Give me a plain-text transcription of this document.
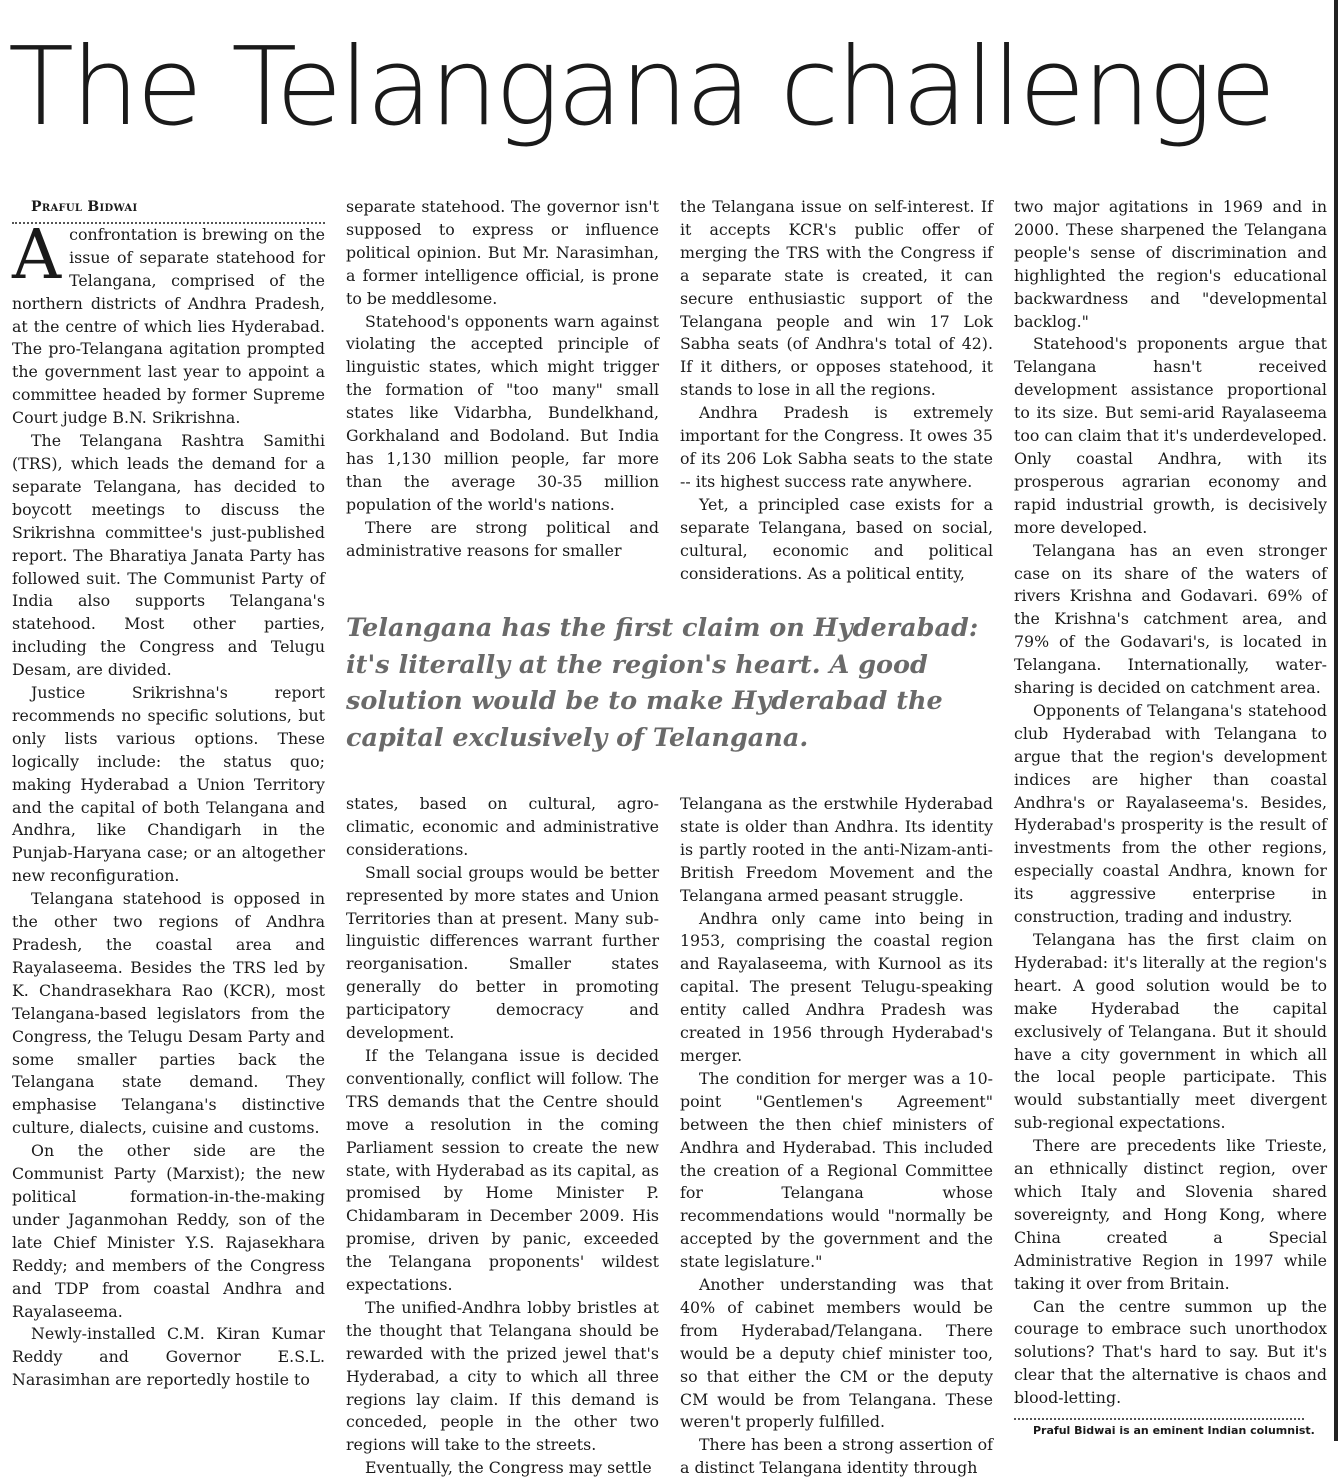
The Telangana challenge

Praful Bidwai

Aconfrontation is brewing on the issue of separate statehood for Telangana, comprised of the northern districts of Andhra Pradesh, at the centre of which lies Hyderabad. The pro-Telangana agitation prompted the government last year to appoint a committee headed by former Supreme Court judge B.N. Srikrishna.

The Telangana Rashtra Samithi (TRS), which leads the demand for a separate Telangana, has decided to boycott meetings to discuss the Srikrishna committee's just-published report. The Bharatiya Janata Party has followed suit. The Communist Party of India also supports Telangana's statehood. Most other parties, including the Congress and Telugu Desam, are divided.

Justice Srikrishna's report recommends no specific solutions, but only lists various options. These logically include: the status quo; making Hyderabad a Union Territory and the capital of both Telangana and Andhra, like Chandigarh in the Punjab-Haryana case; or an altogether new reconfiguration.

Telangana statehood is opposed in the other two regions of Andhra Pradesh, the coastal area and Rayalaseema. Besides the TRS led by K. Chandrasekhara Rao (KCR), most Telangana-based legislators from the Congress, the Telugu Desam Party and some smaller parties back the Telangana state demand. They emphasise Telangana's distinctive culture, dialects, cuisine and customs.

On the other side are the Communist Party (Marxist); the new political formation-in-the-making under Jaganmohan Reddy, son of the late Chief Minister Y.S. Rajasekhara Reddy; and members of the Congress and TDP from coastal Andhra and Rayalaseema.

Newly-installed C.M. Kiran Kumar Reddy and Governor E.S.L. Narasimhan are reportedly hostile to

separate statehood. The governor isn't supposed to express or influence political opinion. But Mr. Narasimhan, a former intelligence official, is prone to be meddlesome.

Statehood's opponents warn against violating the accepted principle of linguistic states, which might trigger the formation of "too many" small states like Vidarbha, Bundelkhand, Gorkhaland and Bodoland. But India has 1,130 million people, far more than the average 30-35 million population of the world's nations.

There are strong political and administrative reasons for smaller

the Telangana issue on self-interest. If it accepts KCR's public offer of merging the TRS with the Congress if a separate state is created, it can secure enthusiastic support of the Telangana people and win 17 Lok Sabha seats (of Andhra's total of 42). If it dithers, or opposes statehood, it stands to lose in all the regions.

Andhra Pradesh is extremely important for the Congress. It owes 35 of its 206 Lok Sabha seats to the state -- its highest success rate anywhere.

Yet, a principled case exists for a separate Telangana, based on social, cultural, economic and political considerations. As a political entity,

Telangana has the first claim on Hyderabad: it's literally at the region's heart. A good solution would be to make Hyderabad the capital exclusively of Telangana.

states, based on cultural, agro-climatic, economic and administrative considerations.

Small social groups would be better represented by more states and Union Territories than at present. Many sub-linguistic differences warrant further reorganisation. Smaller states generally do better in promoting participatory democracy and development.

If the Telangana issue is decided conventionally, conflict will follow. The TRS demands that the Centre should move a resolution in the coming Parliament session to create the new state, with Hyderabad as its capital, as promised by Home Minister P. Chidambaram in December 2009. His promise, driven by panic, exceeded the Telangana proponents' wildest expectations.

The unified-Andhra lobby bristles at the thought that Telangana should be rewarded with the prized jewel that's Hyderabad, a city to which all three regions lay claim. If this demand is conceded, people in the other two regions will take to the streets.

Eventually, the Congress may settle

Telangana as the erstwhile Hyderabad state is older than Andhra. Its identity is partly rooted in the anti-Nizam-anti-British Freedom Movement and the Telangana armed peasant struggle.

Andhra only came into being in 1953, comprising the coastal region and Rayalaseema, with Kurnool as its capital. The present Telugu-speaking entity called Andhra Pradesh was created in 1956 through Hyderabad's merger.

The condition for merger was a 10-point "Gentlemen's Agreement" between the then chief ministers of Andhra and Hyderabad. This included the creation of a Regional Committee for Telangana whose recommendations would "normally be accepted by the government and the state legislature."

Another understanding was that 40% of cabinet members would be from Hyderabad/Telangana. There would be a deputy chief minister too, so that either the CM or the deputy CM would be from Telangana. These weren't properly fulfilled.

There has been a strong assertion of a distinct Telangana identity through

two major agitations in 1969 and in 2000. These sharpened the Telangana people's sense of discrimination and highlighted the region's educational backwardness and "developmental backlog."

Statehood's proponents argue that Telangana hasn't received development assistance proportional to its size. But semi-arid Rayalaseema too can claim that it's underdeveloped. Only coastal Andhra, with its prosperous agrarian economy and rapid industrial growth, is decisively more developed.

Telangana has an even stronger case on its share of the waters of rivers Krishna and Godavari. 69% of the Krishna's catchment area, and 79% of the Godavari's, is located in Telangana. Internationally, water-sharing is decided on catchment area.

Opponents of Telangana's statehood club Hyderabad with Telangana to argue that the region's development indices are higher than coastal Andhra's or Rayalaseema's. Besides, Hyderabad's prosperity is the result of investments from the other regions, especially coastal Andhra, known for its aggressive enterprise in construction, trading and industry.

Telangana has the first claim on Hyderabad: it's literally at the region's heart. A good solution would be to make Hyderabad the capital exclusively of Telangana. But it should have a city government in which all the local people participate. This would substantially meet divergent sub-regional expectations.

There are precedents like Trieste, an ethnically distinct region, over which Italy and Slovenia shared sovereignty, and Hong Kong, where China created a Special Administrative Region in 1997 while taking it over from Britain.

Can the centre summon up the courage to embrace such unorthodox solutions? That's hard to say. But it's clear that the alternative is chaos and blood-letting.

Praful Bidwai is an eminent Indian columnist.
